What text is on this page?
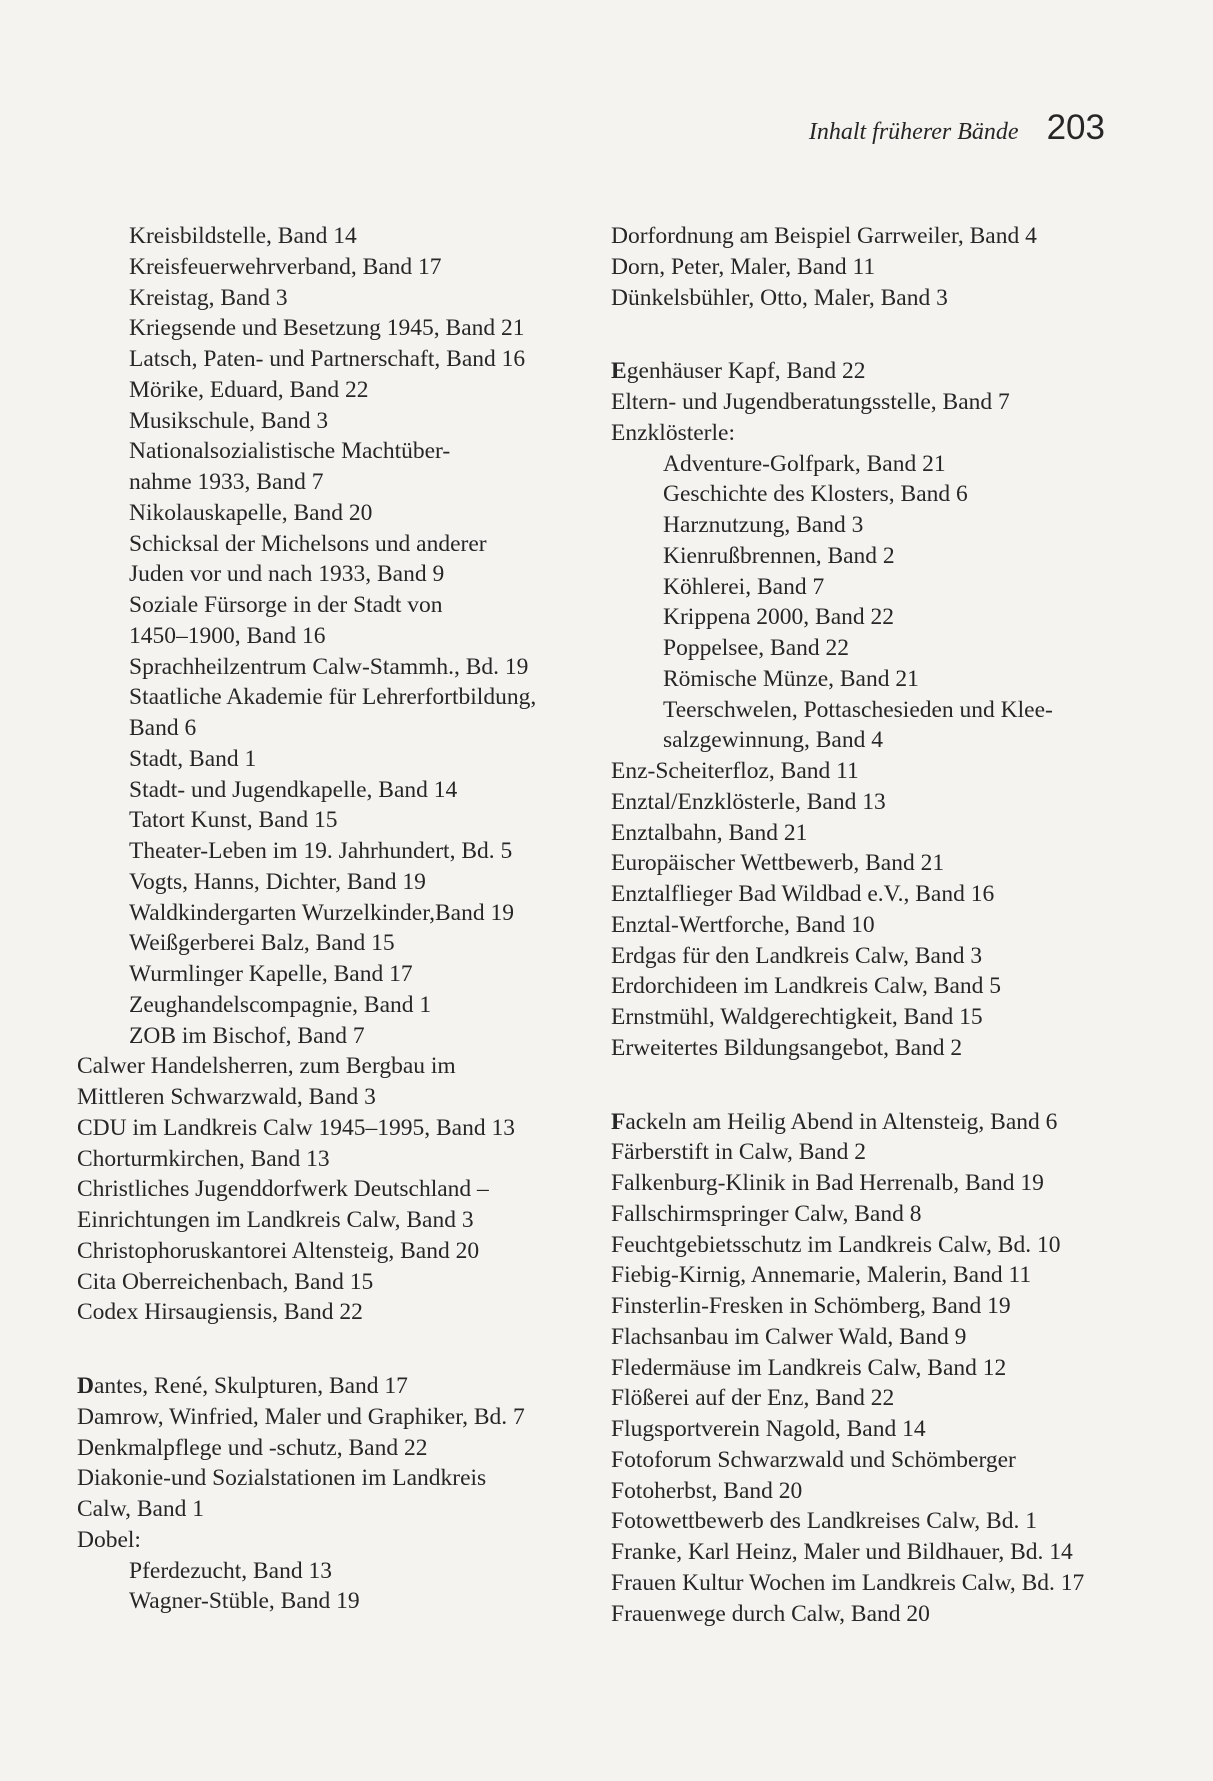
Inhalt früherer Bände 203
Kreisbildstelle, Band 14
Kreisfeuerwehrverband, Band 17
Kreistag, Band 3
Kriegsende und Besetzung 1945, Band 21
Latsch, Paten- und Partnerschaft, Band 16
Mörike, Eduard, Band 22
Musikschule, Band 3
Nationalsozialistische Machtüber-
nahme 1933, Band 7
Nikolauskapelle, Band 20
Schicksal der Michelsons und anderer
Juden vor und nach 1933, Band 9
Soziale Fürsorge in der Stadt von
1450–1900, Band 16
Sprachheilzentrum Calw-Stammh., Bd. 19
Staatliche Akademie für Lehrerfortbildung,
Band 6
Stadt, Band 1
Stadt- und Jugendkapelle, Band 14
Tatort Kunst, Band 15
Theater-Leben im 19. Jahrhundert, Bd. 5
Vogts, Hanns, Dichter, Band 19
Waldkindergarten Wurzelkinder,Band 19
Weißgerberei Balz, Band 15
Wurmlinger Kapelle, Band 17
Zeughandelscompagnie, Band 1
ZOB im Bischof, Band 7
Calwer Handelsherren, zum Bergbau im
Mittleren Schwarzwald, Band 3
CDU im Landkreis Calw 1945–1995, Band 13
Chorturmkirchen, Band 13
Christliches Jugenddorfwerk Deutschland –
Einrichtungen im Landkreis Calw, Band 3
Christophoruskantorei Altensteig, Band 20
Cita Oberreichenbach, Band 15
Codex Hirsaugiensis, Band 22
Dantes, René, Skulpturen, Band 17
Damrow, Winfried, Maler und Graphiker, Bd. 7
Denkmalpflege und -schutz, Band 22
Diakonie-und Sozialstationen im Landkreis
Calw, Band 1
Dobel:
Pferdezucht, Band 13
Wagner-Stüble, Band 19
Dorfordnung am Beispiel Garrweiler, Band 4
Dorn, Peter, Maler, Band 11
Dünkelsbühler, Otto, Maler, Band 3
Egenhäuser Kapf, Band 22
Eltern- und Jugendberatungsstelle, Band 7
Enzklösterle:
Adventure-Golfpark, Band 21
Geschichte des Klosters, Band 6
Harznutzung, Band 3
Kienrußbrennen, Band 2
Köhlerei, Band 7
Krippena 2000, Band 22
Poppelsee, Band 22
Römische Münze, Band 21
Teerschwelen, Pottaschesieden und Klee-
salzgewinnung, Band 4
Enz-Scheiterfloz, Band 11
Enztal/Enzklösterle, Band 13
Enztalbahn, Band 21
Europäischer Wettbewerb, Band 21
Enztalflieger Bad Wildbad e.V., Band 16
Enztal-Wertforche, Band 10
Erdgas für den Landkreis Calw, Band 3
Erdorchideen im Landkreis Calw, Band 5
Ernstmühl, Waldgerechtigkeit, Band 15
Erweitertes Bildungsangebot, Band 2
Fackeln am Heilig Abend in Altensteig, Band 6
Färberstift in Calw, Band 2
Falkenburg-Klinik in Bad Herrenalb, Band 19
Fallschirmspringer Calw, Band 8
Feuchtgebietsschutz im Landkreis Calw, Bd. 10
Fiebig-Kirnig, Annemarie, Malerin, Band 11
Finsterlin-Fresken in Schömberg, Band 19
Flachsanbau im Calwer Wald, Band 9
Fledermäuse im Landkreis Calw, Band 12
Flößerei auf der Enz, Band 22
Flugsportverein Nagold, Band 14
Fotoforum Schwarzwald und Schömberger
Fotoherbst, Band 20
Fotowettbewerb des Landkreises Calw, Bd. 1
Franke, Karl Heinz, Maler und Bildhauer, Bd. 14
Frauen Kultur Wochen im Landkreis Calw, Bd. 17
Frauenwege durch Calw, Band 20
